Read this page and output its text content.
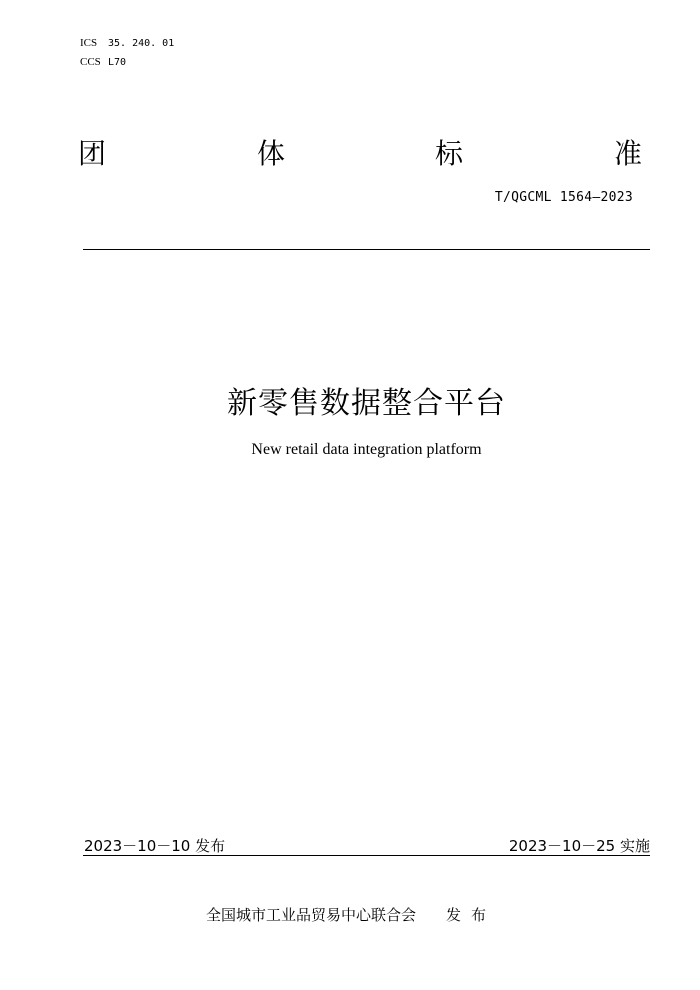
ICS 35. 240. 01
CCS L70
团	体	标	准
T/QGCML 1564—2023
新零售数据整合平台
New retail data integration platform
2023－10－10 发布	2023－10－25 实施
全国城市工业品贸易中心联合会 发布
